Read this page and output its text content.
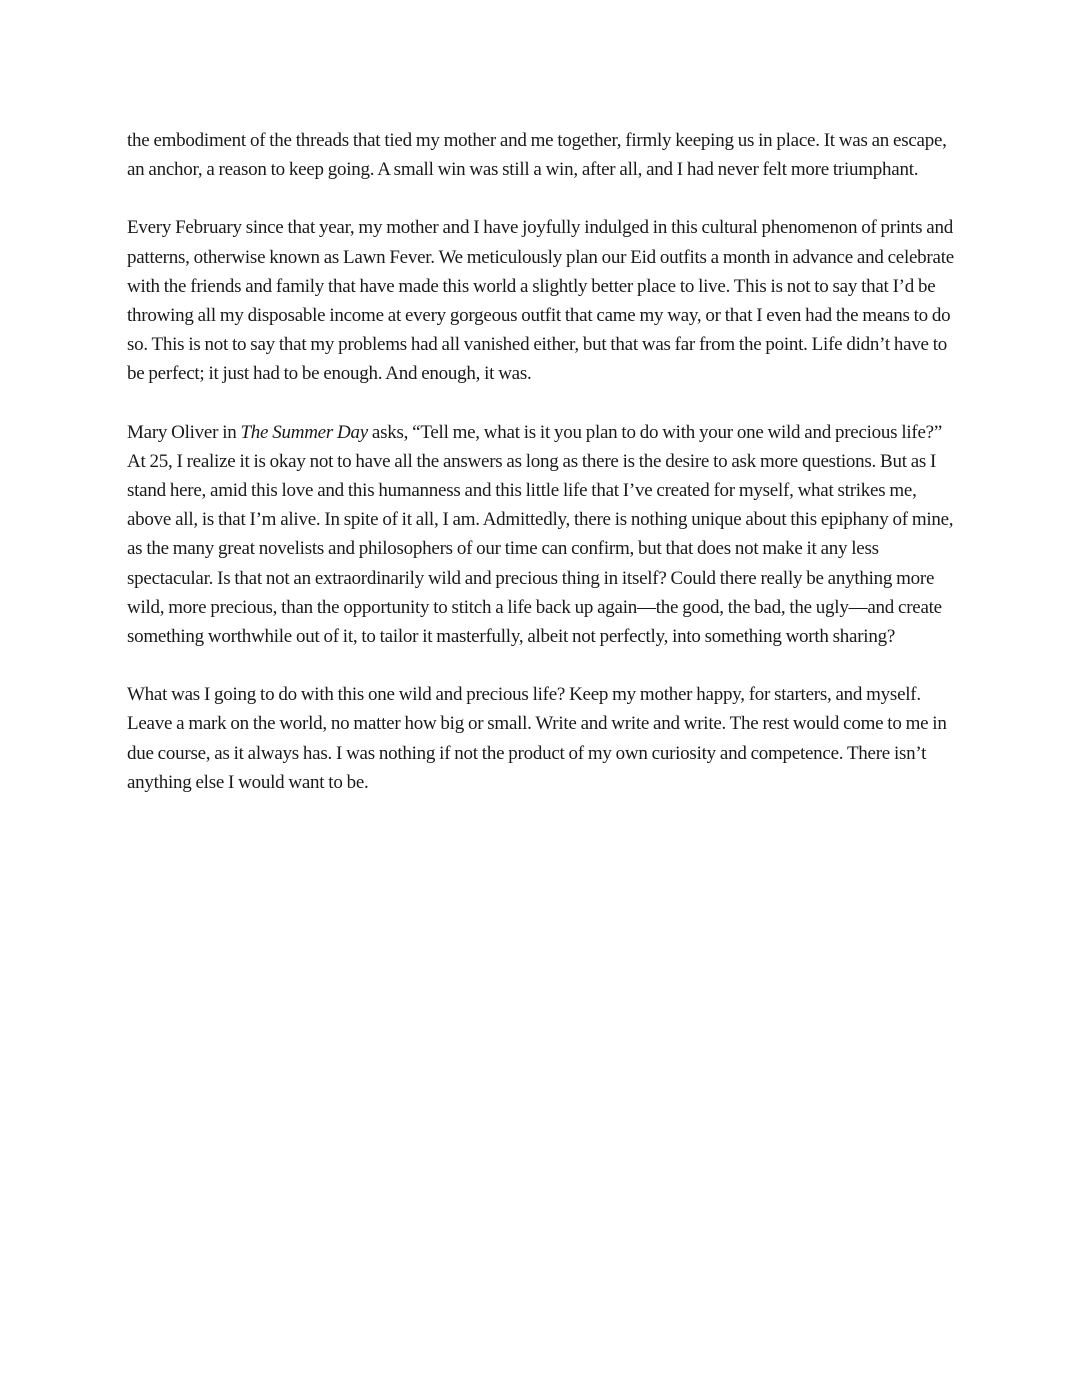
the embodiment of the threads that tied my mother and me together, firmly keeping us in place. It was an escape, an anchor, a reason to keep going. A small win was still a win, after all, and I had never felt more triumphant.

Every February since that year, my mother and I have joyfully indulged in this cultural phenomenon of prints and patterns, otherwise known as Lawn Fever. We meticulously plan our Eid outfits a month in advance and celebrate with the friends and family that have made this world a slightly better place to live. This is not to say that I’d be throwing all my disposable income at every gorgeous outfit that came my way, or that I even had the means to do so. This is not to say that my problems had all vanished either, but that was far from the point. Life didn’t have to be perfect; it just had to be enough. And enough, it was.

Mary Oliver in The Summer Day asks, “Tell me, what is it you plan to do with your one wild and precious life?” At 25, I realize it is okay not to have all the answers as long as there is the desire to ask more questions. But as I stand here, amid this love and this humanness and this little life that I’ve created for myself, what strikes me, above all, is that I’m alive. In spite of it all, I am. Admittedly, there is nothing unique about this epiphany of mine, as the many great novelists and philosophers of our time can confirm, but that does not make it any less spectacular. Is that not an extraordinarily wild and precious thing in itself? Could there really be anything more wild, more precious, than the opportunity to stitch a life back up again—the good, the bad, the ugly—and create something worthwhile out of it, to tailor it masterfully, albeit not perfectly, into something worth sharing?

What was I going to do with this one wild and precious life? Keep my mother happy, for starters, and myself. Leave a mark on the world, no matter how big or small. Write and write and write. The rest would come to me in due course, as it always has. I was nothing if not the product of my own curiosity and competence. There isn’t anything else I would want to be.
